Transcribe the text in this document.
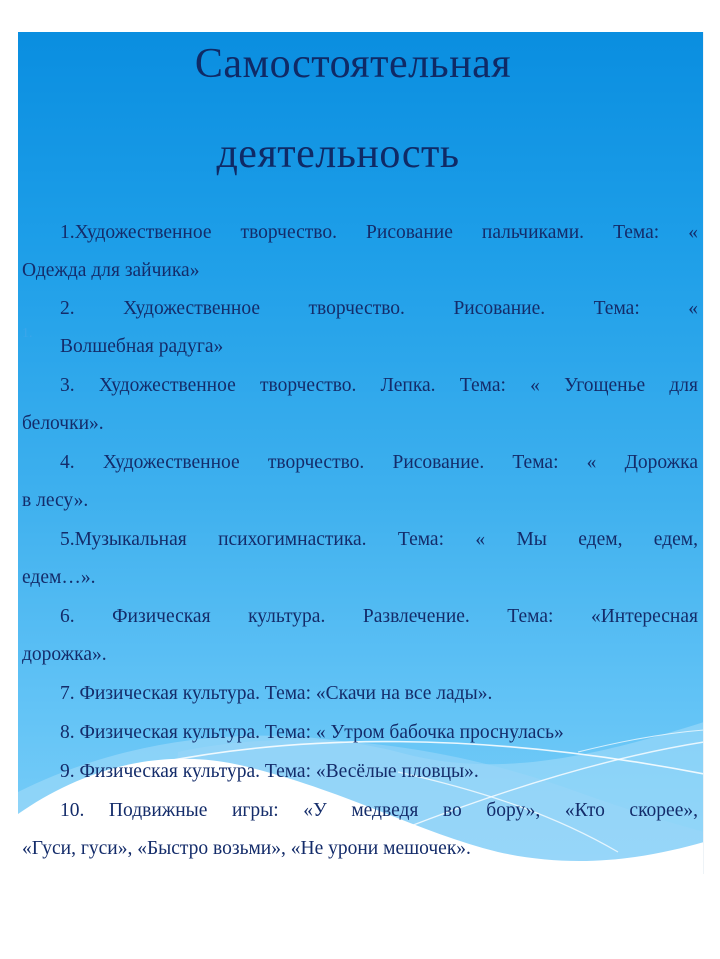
Самостоятельная
деятельность
1.
1.Художественное творчество. Рисование пальчиками. Тема: «
Одежда для зайчика»
2. Художественное творчество. Рисование. Тема: «
Волшебная радуга»
3. Художественное творчество. Лепка. Тема: « Угощенье для
белочки».
4. Художественное творчество. Рисование. Тема: « Дорожка
в лесу».
5.Музыкальная психогимнастика. Тема: « Мы едем, едем,
едем…».
6. Физическая культура. Развлечение. Тема: «Интересная
дорожка».
7. Физическая культура. Тема: «Скачи на все лады».
8. Физическая культура. Тема: « Утром бабочка проснулась»
9. Физическая культура. Тема: «Весёлые пловцы».
10. Подвижные игры: «У медведя во бору», «Кто скорее»,
«Гуси, гуси», «Быстро возьми», «Не урони мешочек».
